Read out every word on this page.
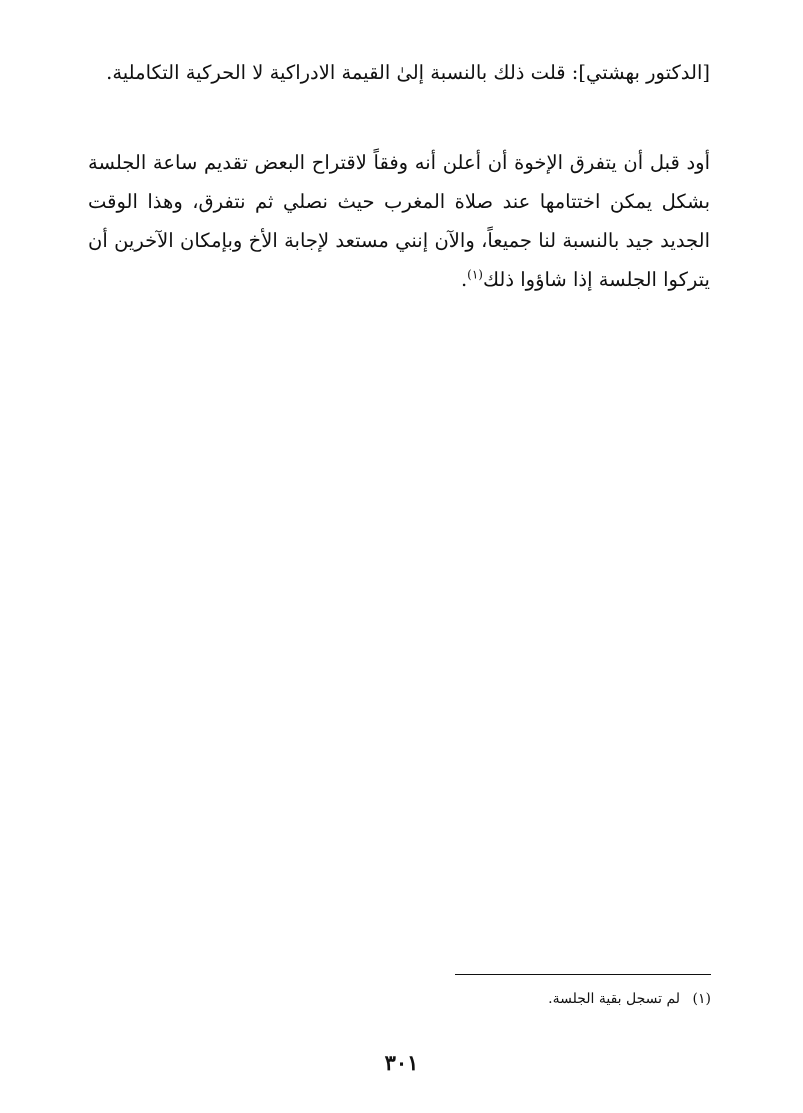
[الدكتور بهشتي]: قلت ذلك بالنسبة إلىٰ القيمة الادراكية لا الحركية التكاملية.

أود قبل أن يتفرق الإخوة أن أعلن أنه وفقاً لاقتراح البعض تقديم ساعة الجلسة بشكل يمكن اختتامها عند صلاة المغرب حيث نصلي ثم نتفرق، وهذا الوقت الجديد جيد بالنسبة لنا جميعاً، والآن إنني مستعد لإجابة الأخ وبإمكان الآخرين أن يتركوا الجلسة إذا شاؤوا ذلك$^{(١)}$.

(١) لم تسجل بقية الجلسة.

٣٠١
